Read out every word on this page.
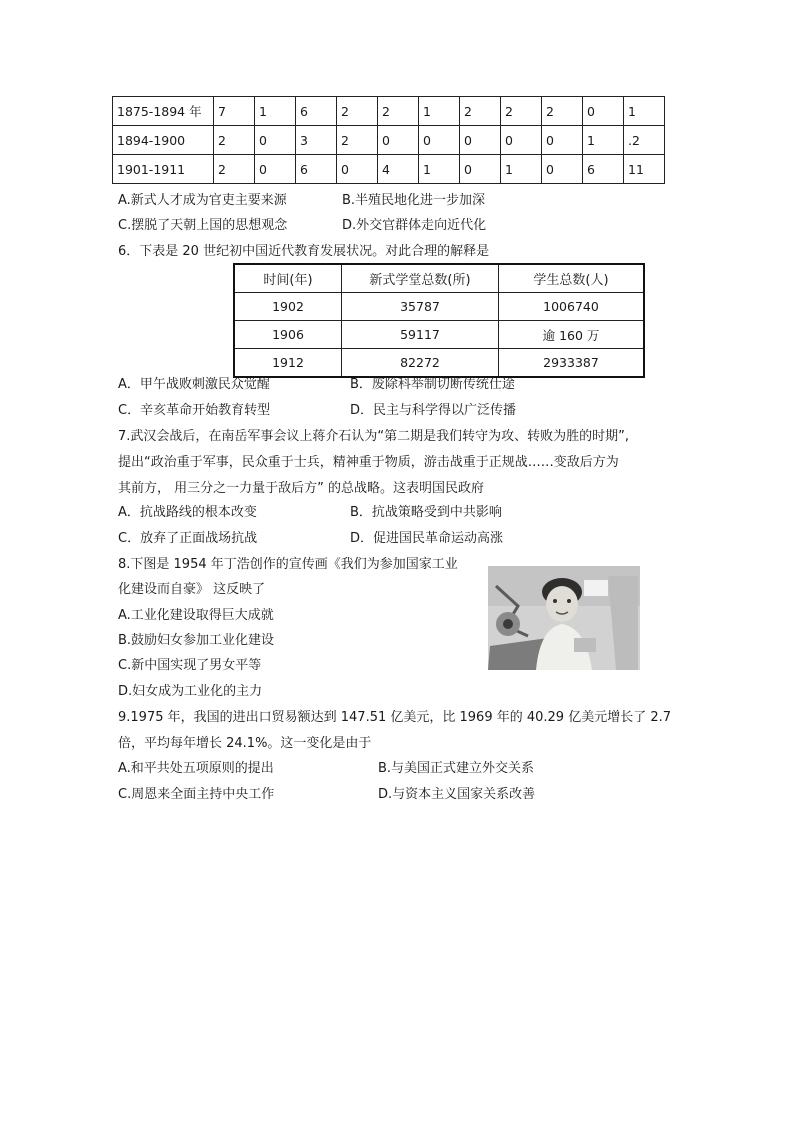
1875-1894 年	7	1	6	2	2	1	2	2	2	0	1
1894-1900	2	0	3	2	0	0	0	0	0	1	.2
1901-1911	2	0	6	0	4	1	0	1	0	6	11
A.新式人才成为官吏主要来源	B.半殖民地化进一步加深
C.摆脱了天朝上国的思想观念	D.外交官群体走向近代化
6．下表是 20 世纪初中国近代教育发展状况。对此合理的解释是
时间(年)	新式学堂总数(所)	学生总数(人)
1902	35787	1006740
1906	59117	逾 160 万
1912	82272	2933387
A．甲午战败刺激民众觉醒	B．废除科举制切断传统仕途
C．辛亥革命开始教育转型	D．民主与科学得以广泛传播
7.武汉会战后，在南岳军事会议上蒋介石认为“第二期是我们转守为攻、转败为胜的时期”,
提出“政治重于军事，民众重于士兵，精神重于物质，游击战重于正规战……变敌后方为
其前方， 用三分之一力量于敌后方” 的总战略。这表明国民政府
A．抗战路线的根本改变	B．抗战策略受到中共影响
C．放弃了正面战场抗战	D．促进国民革命运动高涨
8.下图是 1954 年丁浩创作的宣传画《我们为参加国家工业
化建设而自豪》 这反映了
A.工业化建设取得巨大成就
B.鼓励妇女参加工业化建设
C.新中国实现了男女平等
D.妇女成为工业化的主力
9.1975 年，我国的进出口贸易额达到 147.51 亿美元，比 1969 年的 40.29 亿美元增长了 2.7
倍，平均每年增长 24.1%。这一变化是由于
A.和平共处五项原则的提出	B.与美国正式建立外交关系
C.周恩来全面主持中央工作	D.与资本主义国家关系改善
